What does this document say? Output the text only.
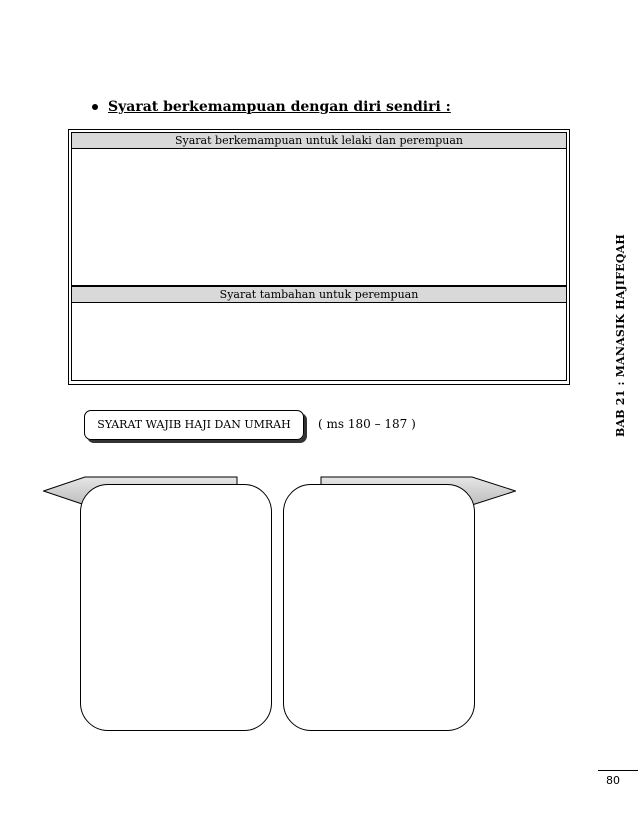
Syarat berkemampuan dengan diri sendiri :
Syarat berkemampuan untuk lelaki dan perempuan
Syarat tambahan untuk perempuan
SYARAT WAJIB HAJI DAN UMRAH	( ms 180 – 187 )	BAB 21 : MANASIK HAJIFEQAH
80
